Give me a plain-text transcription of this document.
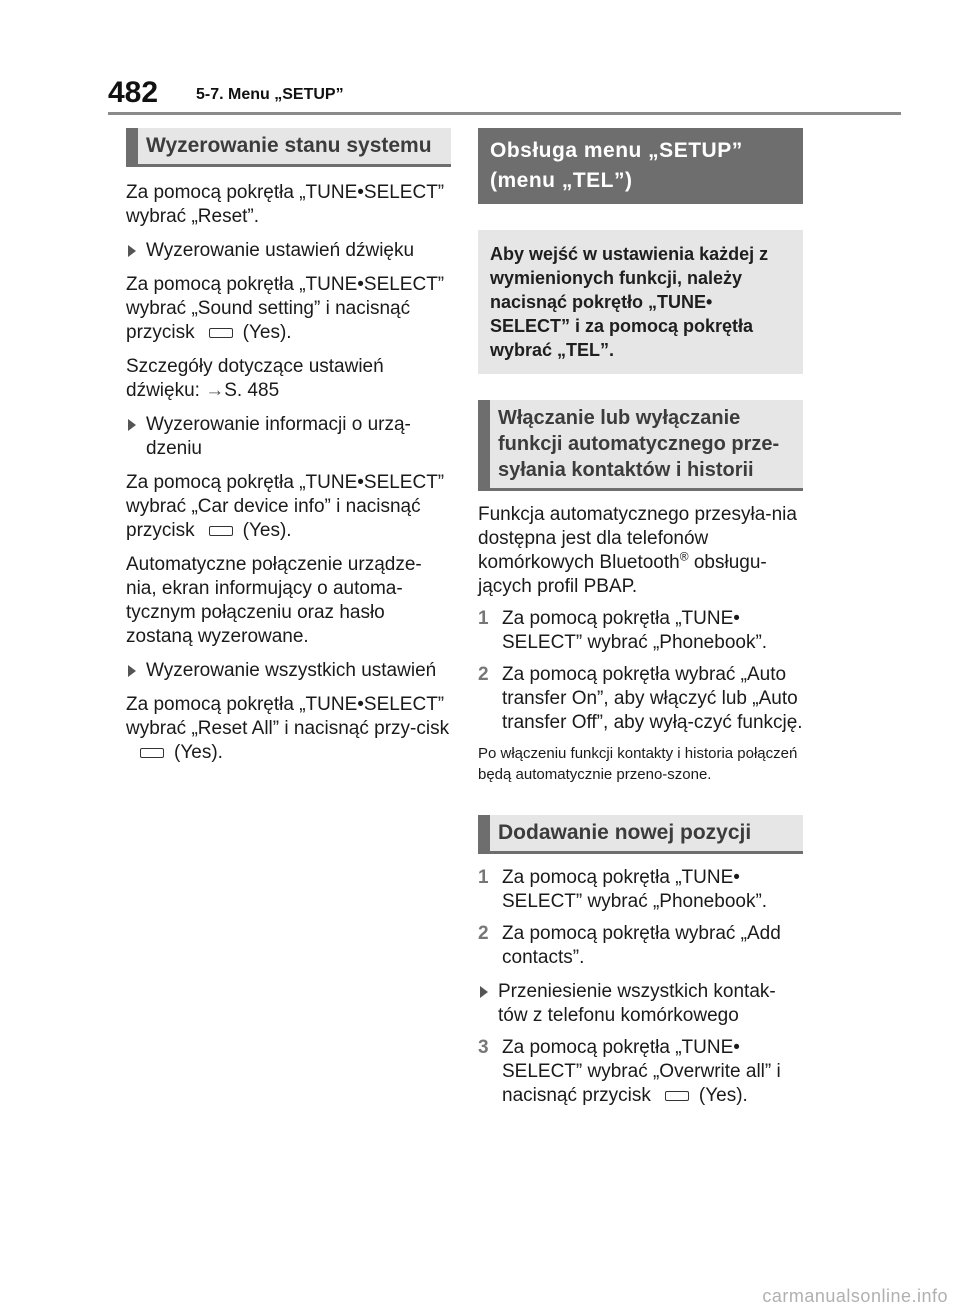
482 5-7. Menu „SETUP”
Wyzerowanie stanu systemu

Za pomocą pokrętła „TUNE•SELECT” wybrać „Reset”.

Wyzerowanie ustawień dźwięku

Za pomocą pokrętła „TUNE•SELECT” wybrać „Sound setting” i nacisnąć przycisk	(Yes).

Szczegóły dotyczące ustawień dźwięku: →S. 485

Wyzerowanie informacji o urzą-dzeniu

Za pomocą pokrętła „TUNE•SELECT” wybrać „Car device info” i nacisnąć przycisk	(Yes).

Automatyczne połączenie urządze-nia, ekran informujący o automa-tycznym połączeniu oraz hasło zostaną wyzerowane.

Wyzerowanie wszystkich ustawień

Za pomocą pokrętła „TUNE•SELECT” wybrać „Reset All” i nacisnąć przy-cisk(Yes).

Obsługa menu „SETUP” (menu „TEL”)
Aby wejść w ustawienia każdej z wymienionych funkcji, należy nacisnąć pokrętło „TUNE• SELECT” i za pomocą pokrętła wybrać „TEL”.
Włączanie lub wyłączanie funkcji automatycznego prze-syłania kontaktów i historii

Funkcja automatycznego przesyła-nia dostępna jest dla telefonów komórkowych Bluetooth® obsługu-jących profil PBAP.

1 Za pomocą pokrętła „TUNE• SELECT” wybrać „Phonebook”.
2 Za pomocą pokrętła wybrać „Auto transfer On”, aby włączyć lub „Auto transfer Off”, aby wyłą-czyć funkcję.

Po włączeniu funkcji kontakty i historia połączeń będą automatycznie przeno-szone.

Dodawanie nowej pozycji
1 Za pomocą pokrętła „TUNE• SELECT” wybrać „Phonebook”.
2 Za pomocą pokrętła wybrać „Add contacts”.
Przeniesienie wszystkich kontak-tów z telefonu komórkowego
3 Za pomocą pokrętła „TUNE• SELECT” wybrać „Overwrite all” i nacisnąć przycisk	(Yes).
carmanualsonline.info
